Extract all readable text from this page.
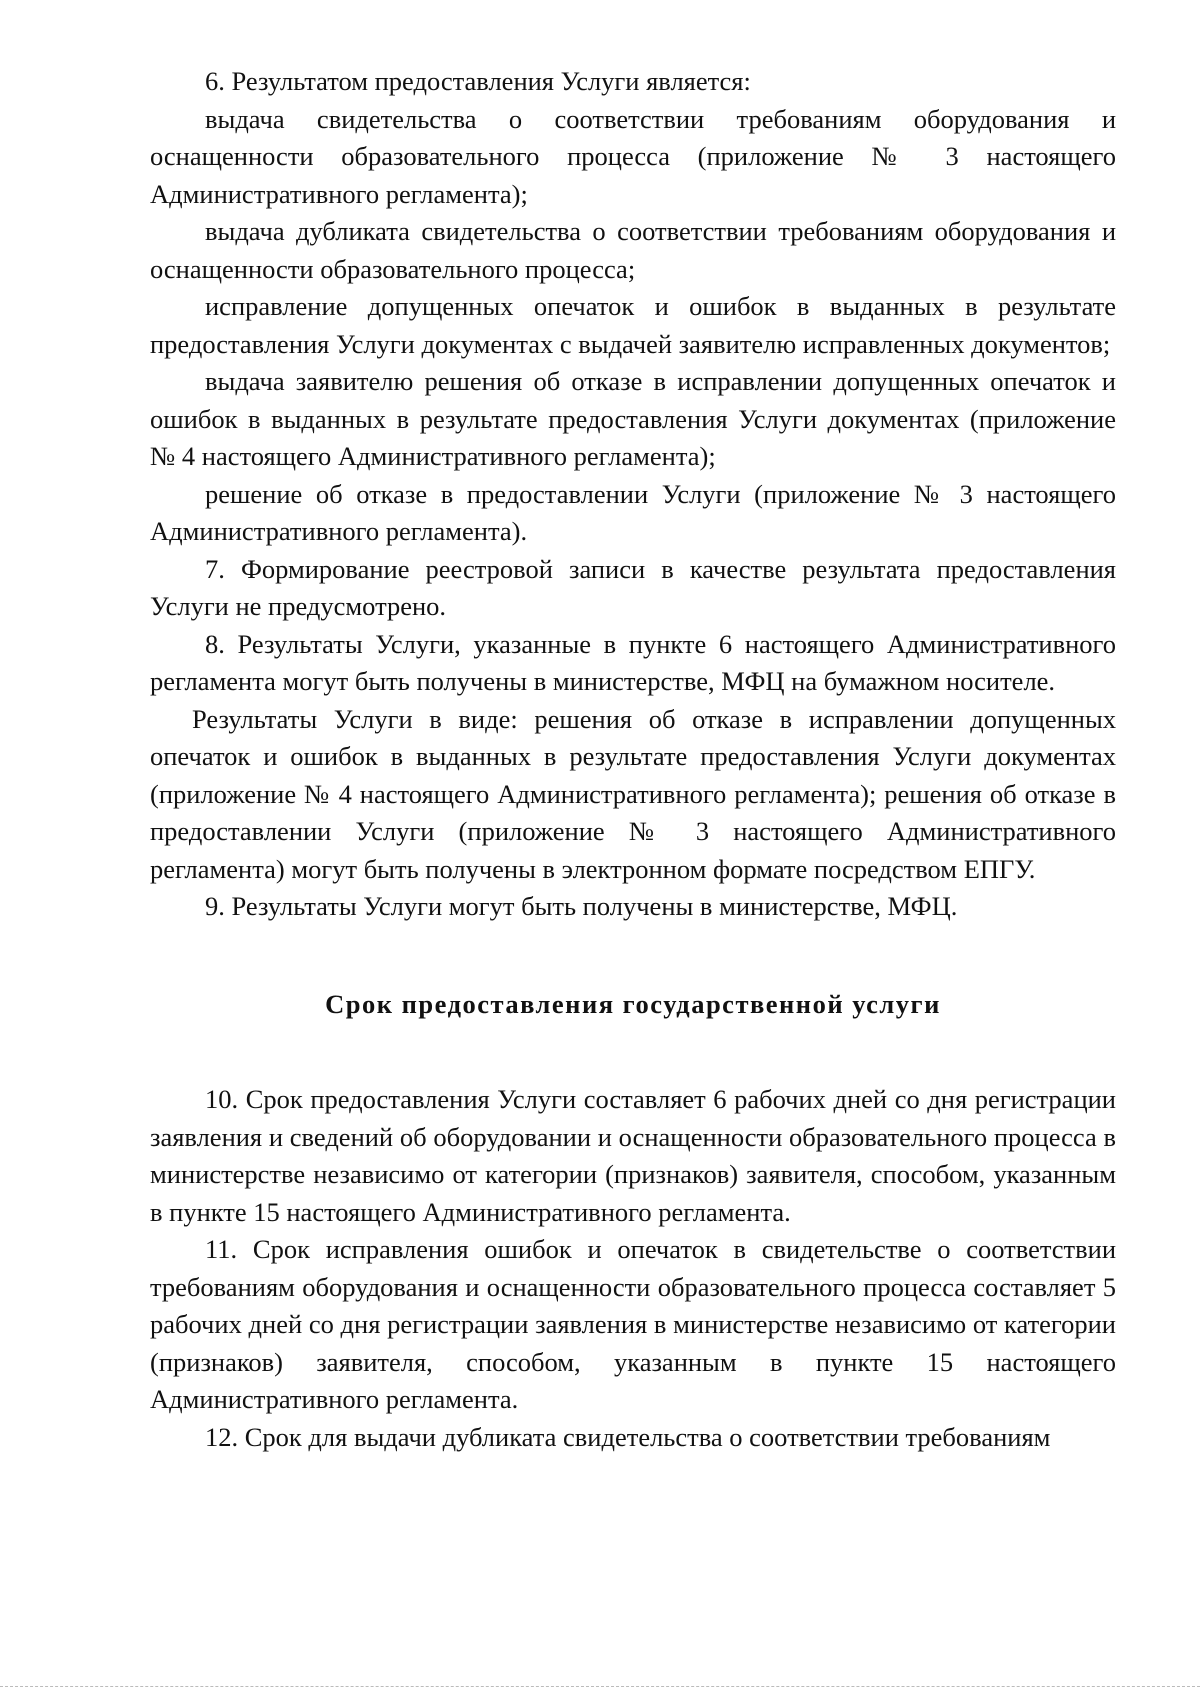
6. Результатом предоставления Услуги является:

выдача свидетельства о соответствии требованиям оборудования и оснащенности образовательного процесса (приложение № 3 настоящего Административного регламента);

выдача дубликата свидетельства о соответствии требованиям оборудования и оснащенности образовательного процесса;

исправление допущенных опечаток и ошибок в выданных в результате предоставления Услуги документах с выдачей заявителю исправленных документов;

выдача заявителю решения об отказе в исправлении допущенных опечаток и ошибок в выданных в результате предоставления Услуги документах (приложение № 4 настоящего Административного регламента);

решение об отказе в предоставлении Услуги (приложение № 3 настоящего Административного регламента).

7. Формирование реестровой записи в качестве результата предоставления Услуги не предусмотрено.

8. Результаты Услуги, указанные в пункте 6 настоящего Административного регламента могут быть получены в министерстве, МФЦ на бумажном носителе.

Результаты Услуги в виде: решения об отказе в исправлении допущенных опечаток и ошибок в выданных в результате предоставления Услуги документах (приложение № 4 настоящего Административного регламента); решения об отказе в предоставлении Услуги (приложение № 3 настоящего Административного регламента) могут быть получены в электронном формате посредством ЕПГУ.

9. Результаты Услуги могут быть получены в министерстве, МФЦ.

Срок предоставления государственной услуги

10. Срок предоставления Услуги составляет 6 рабочих дней со дня регистрации заявления и сведений об оборудовании и оснащенности образовательного процесса в министерстве независимо от категории (признаков) заявителя, способом, указанным в пункте 15 настоящего Административного регламента.

11. Срок исправления ошибок и опечаток в свидетельстве о соответствии требованиям оборудования и оснащенности образовательного процесса составляет 5 рабочих дней со дня регистрации заявления в министерстве независимо от категории (признаков) заявителя, способом, указанным в пункте 15 настоящего Административного регламента.

12. Срок для выдачи дубликата свидетельства о соответствии требованиям
